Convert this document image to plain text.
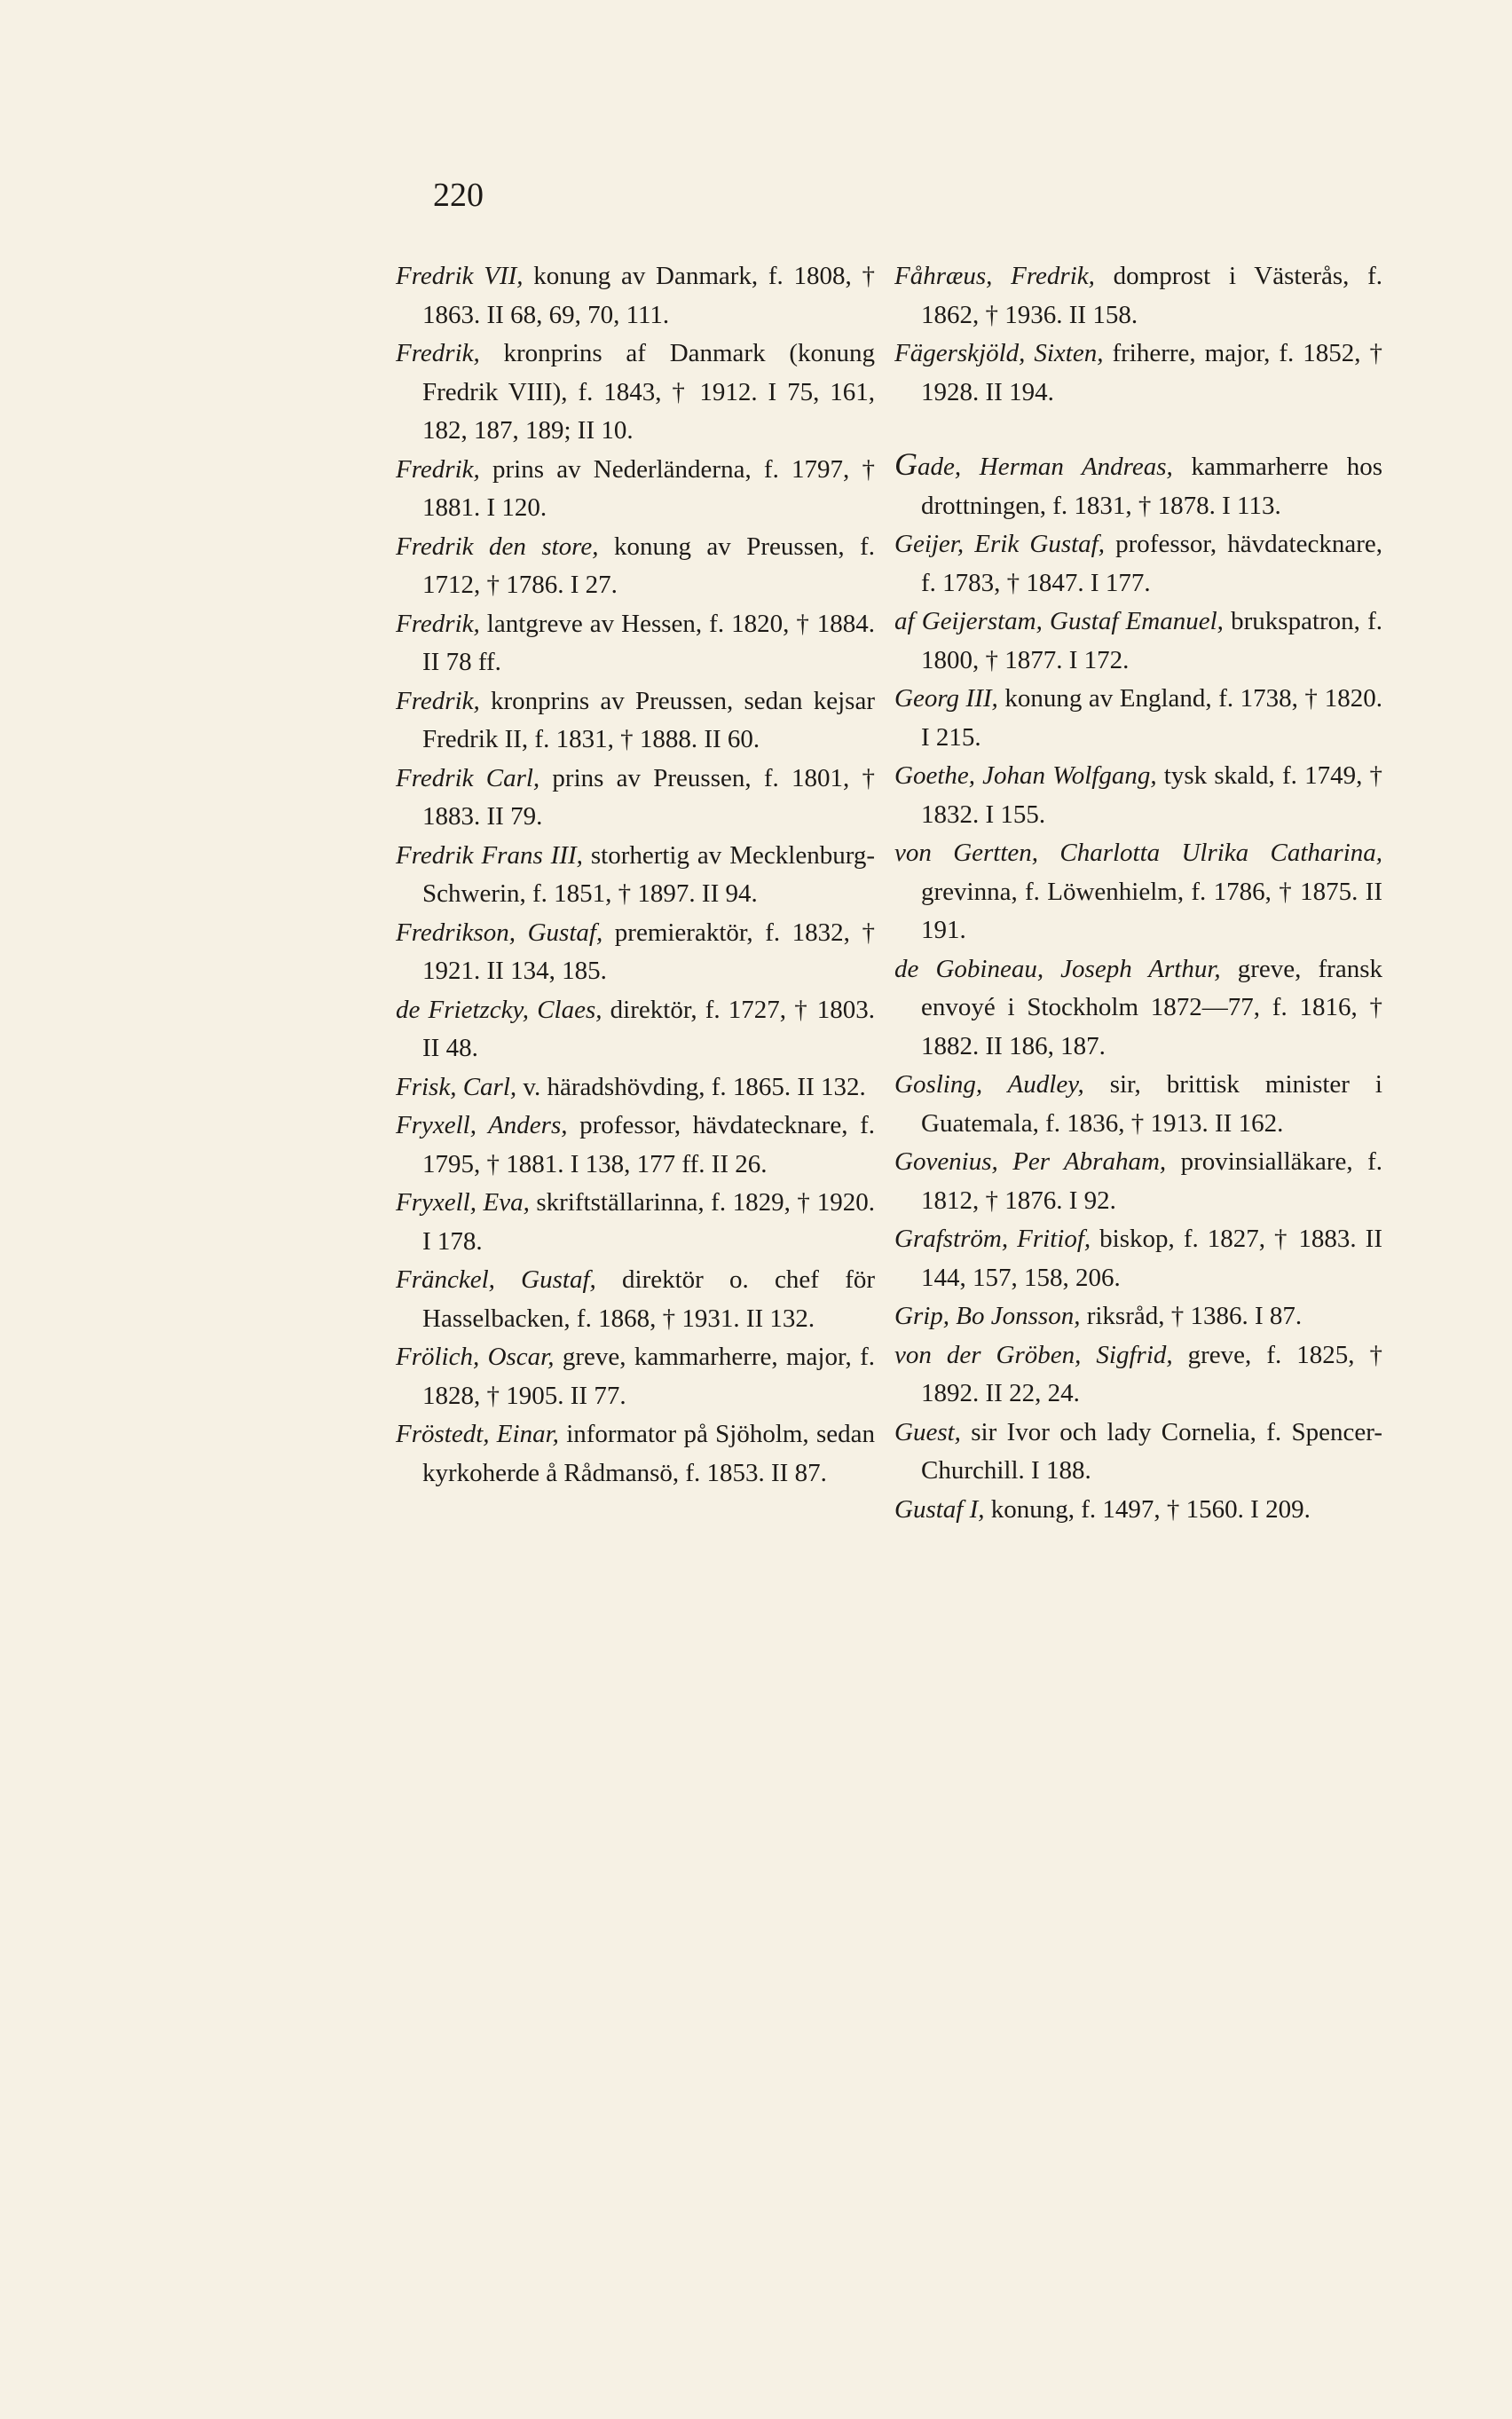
220
Fredrik VII, konung av Danmark, f. 1808, † 1863. II 68, 69, 70, 111.
Fredrik, kronprins af Danmark (konung Fredrik VIII), f. 1843, † 1912. I 75, 161, 182, 187, 189; II 10.
Fredrik, prins av Nederländerna, f. 1797, † 1881. I 120.
Fredrik den store, konung av Preussen, f. 1712, † 1786. I 27.
Fredrik, lantgreve av Hessen, f. 1820, † 1884. II 78 ff.
Fredrik, kronprins av Preussen, sedan kejsar Fredrik II, f. 1831, † 1888. II 60.
Fredrik Carl, prins av Preussen, f. 1801, † 1883. II 79.
Fredrik Frans III, storhertig av Mecklenburg-Schwerin, f. 1851, † 1897. II 94.
Fredrikson, Gustaf, premieraktör, f. 1832, † 1921. II 134, 185.
de Frietzcky, Claes, direktör, f. 1727, † 1803. II 48.
Frisk, Carl, v. häradshövding, f. 1865. II 132.
Fryxell, Anders, professor, hävdatecknare, f. 1795, † 1881. I 138, 177 ff. II 26.
Fryxell, Eva, skriftställarinna, f. 1829, † 1920. I 178.
Fränckel, Gustaf, direktör o. chef för Hasselbacken, f. 1868, † 1931. II 132.
Frölich, Oscar, greve, kammarherre, major, f. 1828, † 1905. II 77.
Fröstedt, Einar, informator på Sjöholm, sedan kyrkoherde å Rådmansö, f. 1853. II 87.
Fåhræus, Fredrik, domprost i Västerås, f. 1862, † 1936. II 158.
Fägerskjöld, Sixten, friherre, major, f. 1852, † 1928. II 194.
Gade, Herman Andreas, kammarherre hos drottningen, f. 1831, † 1878. I 113.
Geijer, Erik Gustaf, professor, hävdatecknare, f. 1783, † 1847. I 177.
af Geijerstam, Gustaf Emanuel, brukspatron, f. 1800, † 1877. I 172.
Georg III, konung av England, f. 1738, † 1820. I 215.
Goethe, Johan Wolfgang, tysk skald, f. 1749, † 1832. I 155.
von Gertten, Charlotta Ulrika Catharina, grevinna, f. Löwenhielm, f. 1786, † 1875. II 191.
de Gobineau, Joseph Arthur, greve, fransk envoyé i Stockholm 1872—77, f. 1816, † 1882. II 186, 187.
Gosling, Audley, sir, brittisk minister i Guatemala, f. 1836, † 1913. II 162.
Govenius, Per Abraham, provinsialläkare, f. 1812, † 1876. I 92.
Grafström, Fritiof, biskop, f. 1827, † 1883. II 144, 157, 158, 206.
Grip, Bo Jonsson, riksråd, † 1386. I 87.
von der Gröben, Sigfrid, greve, f. 1825, † 1892. II 22, 24.
Guest, sir Ivor och lady Cornelia, f. Spencer-Churchill. I 188.
Gustaf I, konung, f. 1497, † 1560. I 209.
